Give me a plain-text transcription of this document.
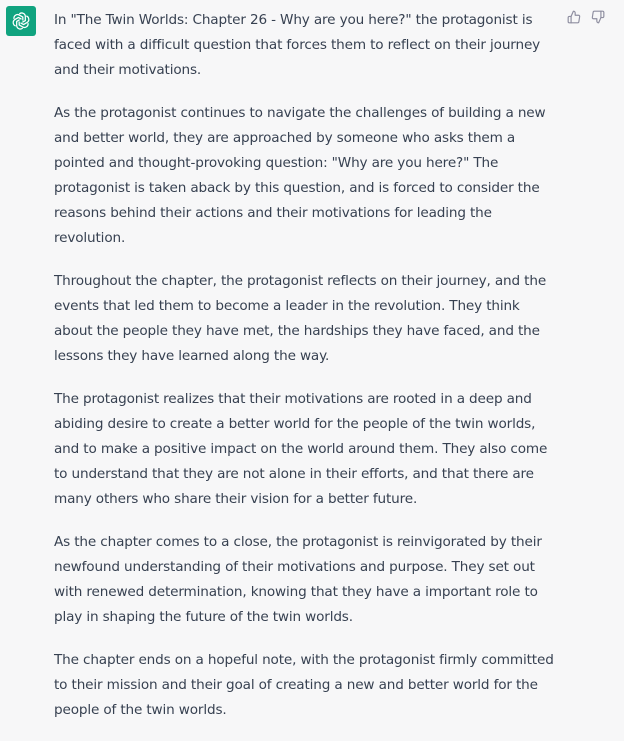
In "The Twin Worlds: Chapter 26 - Why are you here?" the protagonist is faced with a difficult question that forces them to reflect on their journey and their motivations.

As the protagonist continues to navigate the challenges of building a new and better world, they are approached by someone who asks them a pointed and thought-provoking question: "Why are you here?" The protagonist is taken aback by this question, and is forced to consider the reasons behind their actions and their motivations for leading the revolution.

Throughout the chapter, the protagonist reflects on their journey, and the events that led them to become a leader in the revolution. They think about the people they have met, the hardships they have faced, and the lessons they have learned along the way.

The protagonist realizes that their motivations are rooted in a deep and abiding desire to create a better world for the people of the twin worlds, and to make a positive impact on the world around them. They also come to understand that they are not alone in their efforts, and that there are many others who share their vision for a better future.

As the chapter comes to a close, the protagonist is reinvigorated by their newfound understanding of their motivations and purpose. They set out with renewed determination, knowing that they have a important role to play in shaping the future of the twin worlds.

The chapter ends on a hopeful note, with the protagonist firmly committed to their mission and their goal of creating a new and better world for the people of the twin worlds.
